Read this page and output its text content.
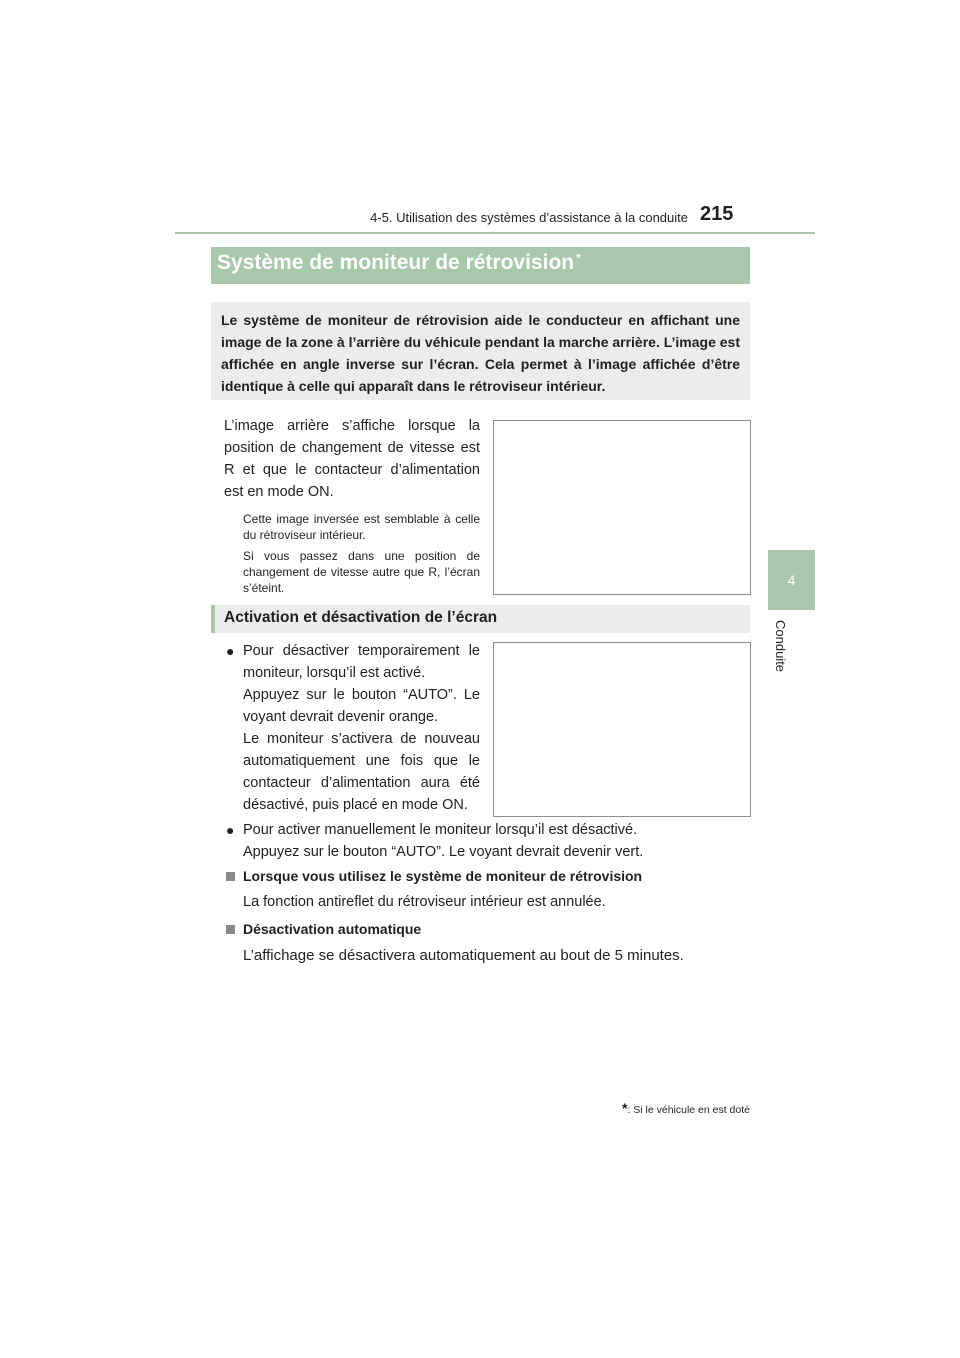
4-5. Utilisation des systèmes d’assistance à la conduite 215
4
Conduite
Système de moniteur de rétrovision *
Le système de moniteur de rétrovision aide le conducteur en affichant une image de la zone à l’arrière du véhicule pendant la marche arrière. L’image est affichée en angle inverse sur l’écran. Cela permet à l’image affichée d’être identique à celle qui apparaît dans le rétroviseur intérieur.
L’image arrière s’affiche lorsque la position de changement de vitesse est R et que le contacteur d’alimentation est en mode ON.
Cette image inversée est semblable à celle du rétroviseur intérieur.
Si vous passez dans une position de changement de vitesse autre que R, l’écran s’éteint.
Activation et désactivation de l’écran
● Pour désactiver temporairement le moniteur, lorsqu’il est activé.
Appuyez sur le bouton “AUTO”. Le voyant devrait devenir orange.
Le moniteur s’activera de nouveau automatiquement une fois que le contacteur d’alimentation aura été désactivé, puis placé en mode ON.
● Pour activer manuellement le moniteur lorsqu’il est désactivé.
Appuyez sur le bouton “AUTO”. Le voyant devrait devenir vert.
Lorsque vous utilisez le système de moniteur de rétrovision
La fonction antireflet du rétroviseur intérieur est annulée.
Désactivation automatique
L’affichage se désactivera automatiquement au bout de 5 minutes.
*: Si le véhicule en est doté
